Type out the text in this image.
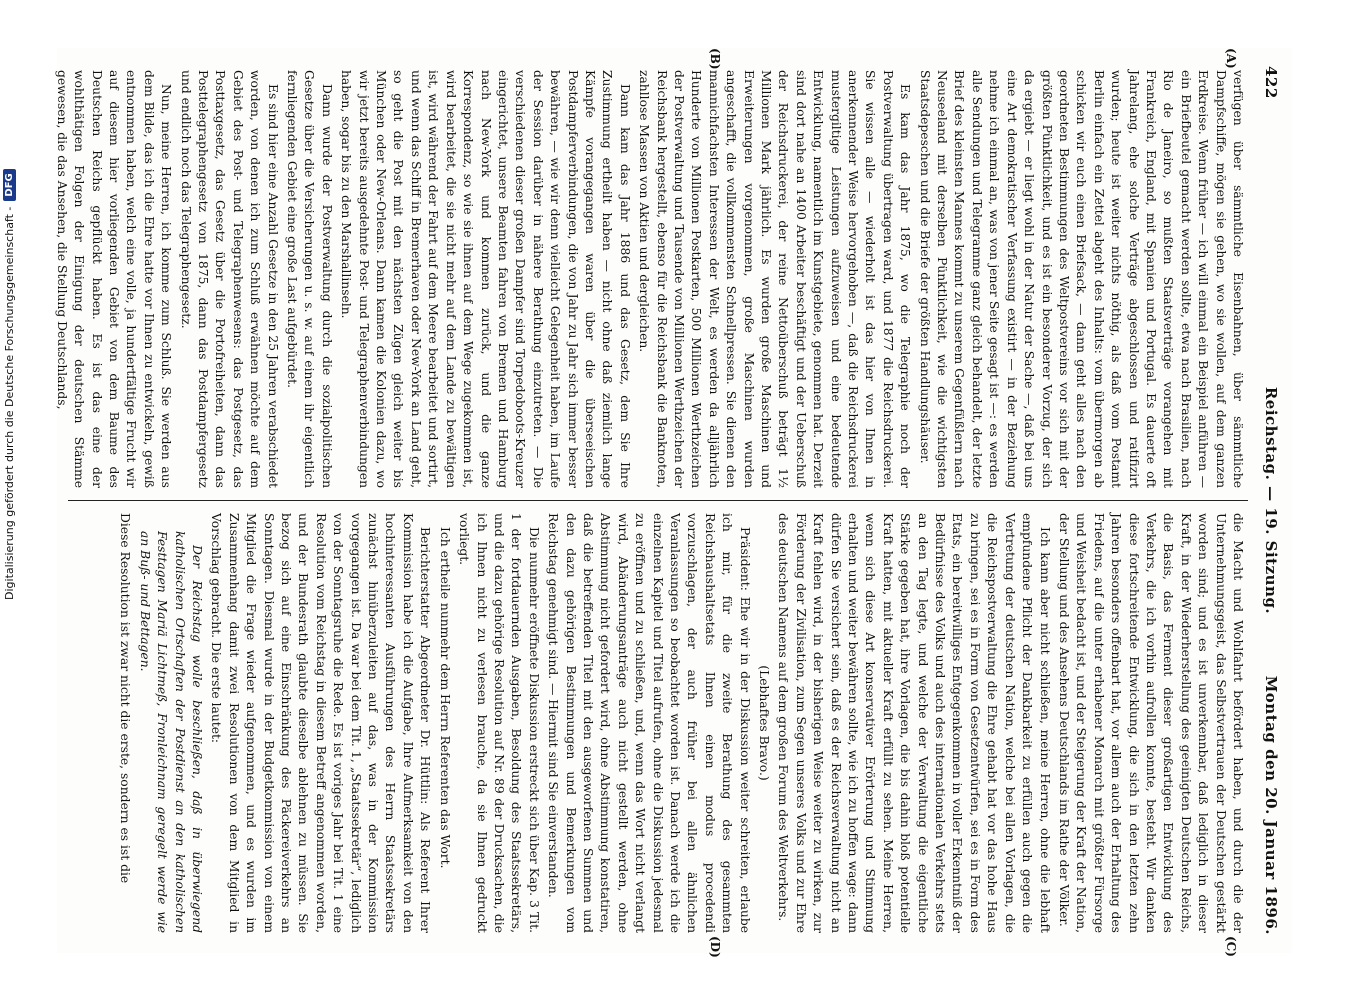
422
Reichstag. — 19. Sitzung.
Montag den 20. Januar 1896.
(A)
(B)
(C)
(D)

verfügen über sämmtliche Eisenbahnen, über sämmtliche Dampfschiffe, mögen sie gehen, wo sie wollen, auf dem ganzen Erdkreise. Wenn früher — ich will einmal ein Beispiel anführen — ein Briefbeutel gemacht werden sollte, etwa nach Brasilien, nach Rio de Janeiro, so mußten Staatsverträge vorangehen mit Frankreich, England, mit Spanien und Portugal. Es dauerte oft Jahrelang, ehe solche Verträge abgeschlossen und ratifizirt wurden; heute ist weiter nichts nöthig, als daß vom Postamt Berlin einfach ein Zettel abgeht des Inhalts: vom übermorgen ab schicken wir euch einen Briefsack, — dann geht alles nach den geordneten Bestimmungen des Weltpostvereins vor sich mit der größten Pünktlichkeit, und es ist ein besonderer Vorzug, der sich da ergiebt — er liegt wohl in der Natur der Sache —, daß bei uns eine Art demokratischer Verfassung existirt — in der Beziehung nehme ich einmal an, was von jener Seite gesagt ist —: es werden alle Sendungen und Telegramme ganz gleich behandelt, der letzte Brief des kleinsten Mannes kommt zu unserem Gegenfüßlern nach Neuseeland mit derselben Pünktlichkeit, wie die wichtigsten Staatsdepeschen und die Briefe der größten Handlungshäuser.

Es kam das Jahr 1875, wo die Telegraphie noch der Postverwaltung übertragen ward, und 1877 die Reichsdruckerei. Sie wissen alle — wiederholt ist das hier von Ihnen in anerkennender Weise hervorgehoben —, daß die Reichsdruckerei mustergiltige Leistungen aufzuweisen und eine bedeutende Entwicklung, namentlich im Kunstgebiete, genommen hat. Derzeit sind dort nahe an 1400 Arbeiter beschäftigt und der Ueberschuß der Reichsdruckerei, der reine Nettoüberschuß beträgt 1½ Millionen Mark jährlich. Es wurden große Maschinen und Erweiterungen vorgenommen, große Maschinen wurden angeschafft, die vollkommensten Schnellpressen. Sie dienen den mannichfachsten Interessen der Welt, es werden da alljährlich Hunderte von Millionen Postkarten, 500 Millionen Werthzeichen der Postverwaltung und Tausende von Millionen Werthzeichen der Reichsbank hergestellt, ebenso für die Reichsbank die Banknoten, zahllose Massen von Aktien und dergleichen.

Dann kam das Jahr 1886 und das Gesetz, dem Sie Ihre Zustimmung ertheilt haben — nicht ohne daß ziemlich lange Kämpfe vorangegangen waren über die überseeischen Postdampferverbindungen, die von Jahr zu Jahr sich immer besser bewähren, — wie wir denn vielleicht Gelegenheit haben, im Laufe der Session darüber in nähere Berathung einzutreten. — Die verschiedenen dieser großen Dampfer sind Torpedoboots-Kreuzer eingerichtet, unsere Beamten fahren von Bremen und Hamburg nach New-York und kommen zurück, und die ganze Korrespondenz, so wie sie ihnen auf dem Wege zugekommen ist, wird bearbeitet, die sie nicht mehr auf dem Lande zu bewältigen ist, wird während der Fahrt auf dem Meere bearbeitet und sortirt, und wenn das Schiff in Bremerhaven oder New-York an Land geht, so geht die Post mit den nächsten Zügen gleich weiter bis München oder New-Orleans. Dann kamen die Kolonien dazu, wo wir jetzt bereits ausgedehnte Post- und Telegraphenverbindungen haben, sogar bis zu den Marshallinseln.

Dann wurde der Postverwaltung durch die sozialpolitischen Gesetze über die Versicherungen u. s. w. auf einem ihr eigentlich fernliegenden Gebiet eine große Last aufgebürdet.

Es sind hier eine Anzahl Gesetze in den 25 Jahren verabschiedet worden, von denen ich zum Schluß erwähnen möchte auf dem Gebiet des Post- und Telegraphenwesens: das Postgesetz, das Posttaxgesetz, das Gesetz über die Portofreiheiten, dann das Posttelegraphengesetz von 1875, dann das Postdampfergesetz und endlich noch das Telegraphengesetz.

Nun, meine Herren, ich komme zum Schluß. Sie werden aus dem Bilde, das ich die Ehre hatte vor Ihnen zu entwickeln, gewiß entnommen haben, welch eine volle, ja hundertfältige Frucht wir auf diesem hier vorliegenden Gebiet von dem Baume des Deutschen Reichs gepflückt haben. Es ist das eine der wohlthätigen Folgen der Einigung der deutschen Stämme gewesen, die das Ansehen, die Stellung Deutschlands,

die Macht und Wohlfahrt befördert haben, und durch die der Unternehmungsgeist, das Selbstvertrauen der Deutschen gestärkt worden sind; und es ist unverkennbar, daß lediglich in dieser Kraft, in der Wiederherstellung des geeinigten Deutschen Reichs, die Basis, das Ferment dieser großartigen Entwicklung des Verkehrs, die ich vorhin aufrollen konnte, besteht. Wir danken diese fortschreitende Entwicklung, die sich in den letzten zehn Jahren besonders offenbart hat, vor allem auch der Erhaltung des Friedens, auf die unter erhabener Monarch mit größter Fürsorge und Weisheit bedacht ist, und der Steigerung der Kraft der Nation, der Stellung und des Ansehens Deutschlands im Rathe der Völker.

Ich kann aber nicht schließen, meine Herren, ohne die lebhaft empfundene Pflicht der Dankbarkeit zu erfüllen auch gegen die Vertretung der deutschen Nation, welche bei allen Vorlagen, die die Reichspostverwaltung die Ehre gehabt hat vor das hohe Haus zu bringen, sei es in Form von Gesetzentwürfen, sei es in Form des Etats, ein bereitwilliges Entgegenkommen in voller Erkenntniß der Bedürfnisse des Volks und auch des internationalen Verkehrs stets an den Tag legte, und welche der Verwaltung die eigentliche Stärke gegeben hat, ihre Vorlagen, die bis dahin bloß potentielle Kraft hatten, mit aktueller Kraft erfüllt zu sehen. Meine Herren, wenn sich diese Art konservativer Erörterung und Stimmung erhalten und weiter bewähren sollte, wie ich zu hoffen wage: dann dürfen Sie versichert sein, daß es der Reichsverwaltung nicht an Kraft fehlen wird, in der bisherigen Weise weiter zu wirken, zur Förderung der Zivilisation, zum Segen unseres Volks und zur Ehre des deutschen Namens auf dem großen Forum des Weltverkehrs.

(Lebhaftes Bravo.)

Präsident: Ehe wir in der Diskussion weiter schreiten, erlaube ich mir, für die zweite Berathung des gesammten Reichshaushaltsetats Ihnen einen modus procedendi vorzuschlagen, der auch früher bei allen ähnlichen Veranlassungen so beobachtet worden ist. Danach werde ich die einzelnen Kapitel und Titel aufrufen, ohne die Diskussion jedesmal zu eröffnen und zu schließen, und, wenn das Wort nicht verlangt wird, Abänderungsanträge auch nicht gestellt werden, ohne Abstimmung nicht gefordert wird, ohne Abstimmung konstatiren, daß die betreffenden Titel mit den ausgeworfenen Summen und den dazu gehörigen Bestimmungen und Bemerkungen vom Reichstag genehmigt sind. — Hiermit sind Sie einverstanden.

Die nunmehr eröffnete Diskussion erstreckt sich über Kap. 3 Tit. 1 der fortdauernden Ausgaben, Besoldung des Staatssekretärs, und die dazu gehörige Resolution auf Nr. 89 der Drucksachen, die ich Ihnen nicht zu verlesen brauche, da sie Ihnen gedruckt vorliegt.

Ich ertheile nunmehr dem Herrn Referenten das Wort.

Berichterstatter Abgeordneter Dr. Hüttlin: Als Referent Ihrer Kommission habe ich die Aufgabe, Ihre Aufmerksamkeit von den hochinteressanten Ausführungen des Herrn Staatssekretärs zunächst hinüberzuleiten auf das, was in der Kommission vorgegangen ist. Da war bei dem Tit. 1, „Staatssekretär“, lediglich von der Sonntagsruhe die Rede. Es ist voriges Jahr bei Tit. 1 eine Resolution vom Reichstag in diesem Betreff angenommen worden, und der Bundesrath glaubte dieselbe ablehnen zu müssen. Sie bezog sich auf eine Einschränkung des Päckereiverkehrs an Sonntagen. Diesmal wurde in der Budgetkommission von einem Mitglied die Frage wieder aufgenommen, und es wurden im Zusammenhang damit zwei Resolutionen von dem Mitglied in Vorschlag gebracht. Die erste lautet:

Der Reichstag wolle beschließen, daß in überwiegend katholischen Ortschaften der Postdienst an den katholischen Festtagen Mariä Lichtmeß, Fronleichnam geregelt werde wie an Buß- und Bettagen.

Diese Resolution ist zwar nicht die erste, sondern es ist die

Digitalisierung gefördert durch die Deutsche Forschungsgemeinschaft -
DFG
